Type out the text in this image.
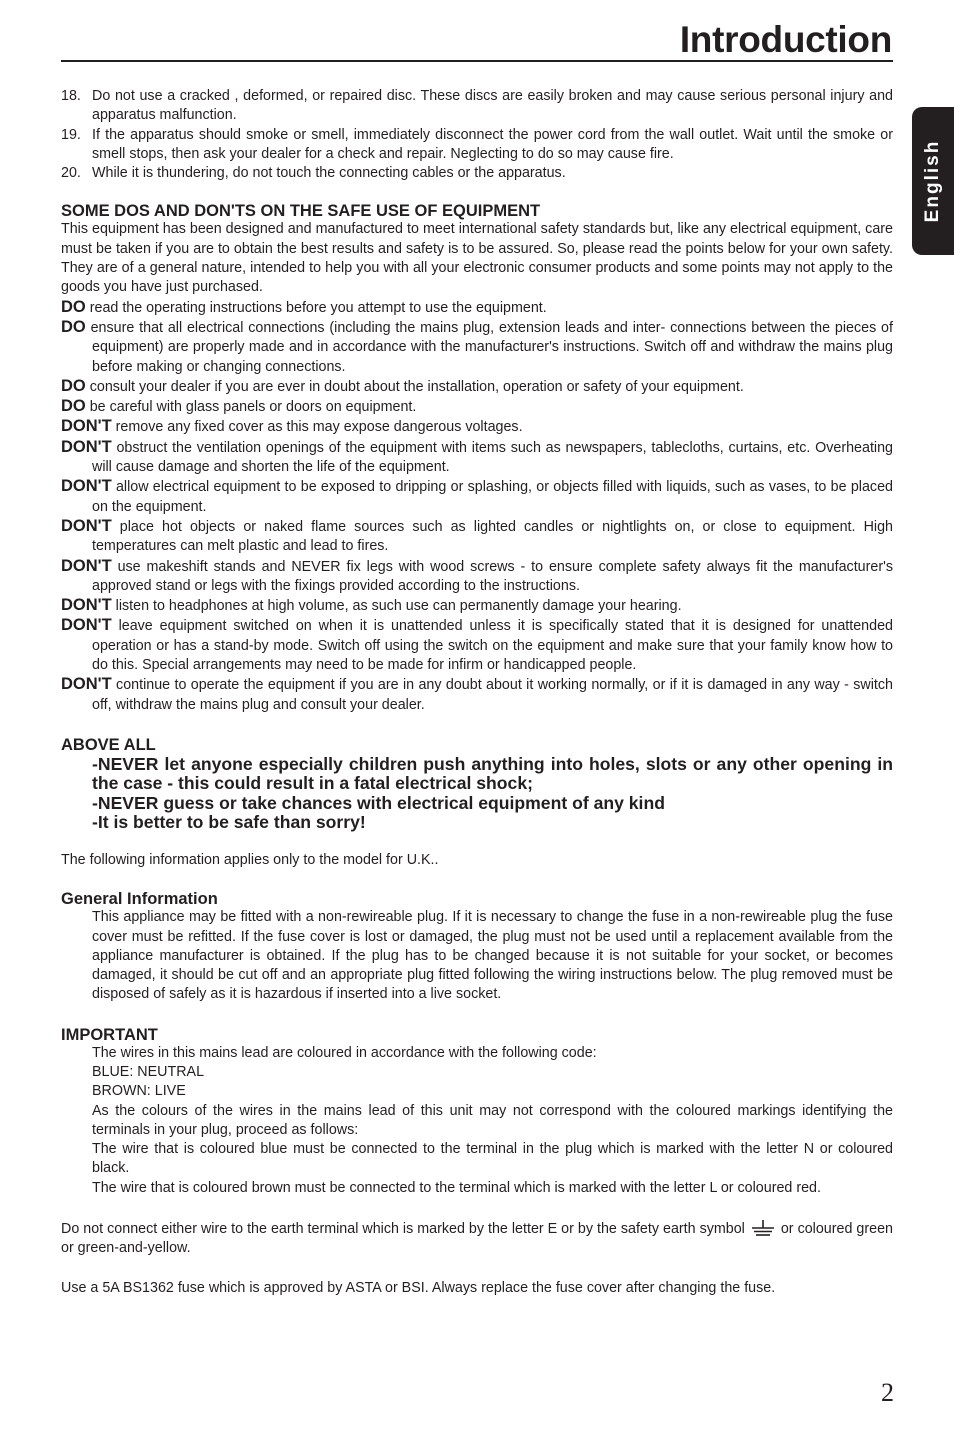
Introduction
English
18. Do not use a cracked , deformed, or repaired disc. These discs are easily broken and may cause serious personal injury and apparatus malfunction.
19. If the apparatus should smoke or smell, immediately disconnect the power cord from the wall outlet. Wait until the smoke or smell stops, then ask your dealer for a check and repair. Neglecting to do so may cause fire.
20. While it is thundering, do not touch the connecting cables or the apparatus.
SOME DOS AND DON'TS ON THE SAFE USE OF EQUIPMENT
This equipment has been designed and manufactured to meet international safety standards but, like any electrical equipment, care must be taken if you are to obtain the best results and safety is to be assured. So, please read the points below for your own safety. They are of a general nature, intended to help you with all your electronic consumer products and some points may not apply to the goods you have just purchased.
DO read the operating instructions before you attempt to use the equipment.
DO ensure that all electrical connections (including the mains plug, extension leads and inter- connections between the pieces of equipment) are properly made and in accordance with the manufacturer's instructions. Switch off and withdraw the mains plug before making or changing connections.
DO consult your dealer if you are ever in doubt about the installation, operation or safety of your equipment.
DO be careful with glass panels or doors on equipment.
DON'T remove any fixed cover as this may expose dangerous voltages.
DON'T obstruct the ventilation openings of the equipment with items such as newspapers, tablecloths, curtains, etc. Overheating will cause damage and shorten the life of the equipment.
DON'T allow electrical equipment to be exposed to dripping or splashing, or objects filled with liquids, such as vases, to be placed on the equipment.
DON'T place hot objects or naked flame sources such as lighted candles or nightlights on, or close to equipment. High temperatures can melt plastic and lead to fires.
DON'T use makeshift stands and NEVER fix legs with wood screws - to ensure complete safety always fit the manufacturer's approved stand or legs with the fixings provided according to the instructions.
DON'T listen to headphones at high volume, as such use can permanently damage your hearing.
DON'T leave equipment switched on when it is unattended unless it is specifically stated that it is designed for unattended operation or has a stand-by mode. Switch off using the switch on the equipment and make sure that your family know how to do this. Special arrangements may need to be made for infirm or handicapped people.
DON'T continue to operate the equipment if you are in any doubt about it working normally, or if it is damaged in any way - switch off, withdraw the mains plug and consult your dealer.
ABOVE ALL
-NEVER let anyone especially children push anything into holes, slots or any other opening in the case - this could result in a fatal electrical shock;
-NEVER guess or take chances with electrical equipment of any kind
-It is better to be safe than sorry!
The following information applies only to the model for U.K..
General Information
This appliance may be fitted with a non-rewireable plug. If it is necessary to change the fuse in a non-rewireable plug the fuse cover must be refitted. If the fuse cover is lost or damaged, the plug must not be used until a replacement available from the appliance manufacturer is obtained. If the plug has to be changed because it is not suitable for your socket, or becomes damaged, it should be cut off and an appropriate plug fitted following the wiring instructions below. The plug removed must be disposed of safely as it is hazardous if inserted into a live socket.
IMPORTANT
The wires in this mains lead are coloured in accordance with the following code:
BLUE: NEUTRAL
BROWN: LIVE
As the colours of the wires in the mains lead of this unit may not correspond with the coloured markings identifying the terminals in your plug, proceed as follows:
The wire that is coloured blue must be connected to the terminal in the plug which is marked with the letter N or coloured black.
The wire that is coloured brown must be connected to the terminal which is marked with the letter L or coloured red.
Do not connect either wire to the earth terminal which is marked by the letter E or by the safety earth symbol	or coloured green or green-and-yellow.
Use a 5A BS1362 fuse which is approved by ASTA or BSI. Always replace the fuse cover after changing the fuse.
2
